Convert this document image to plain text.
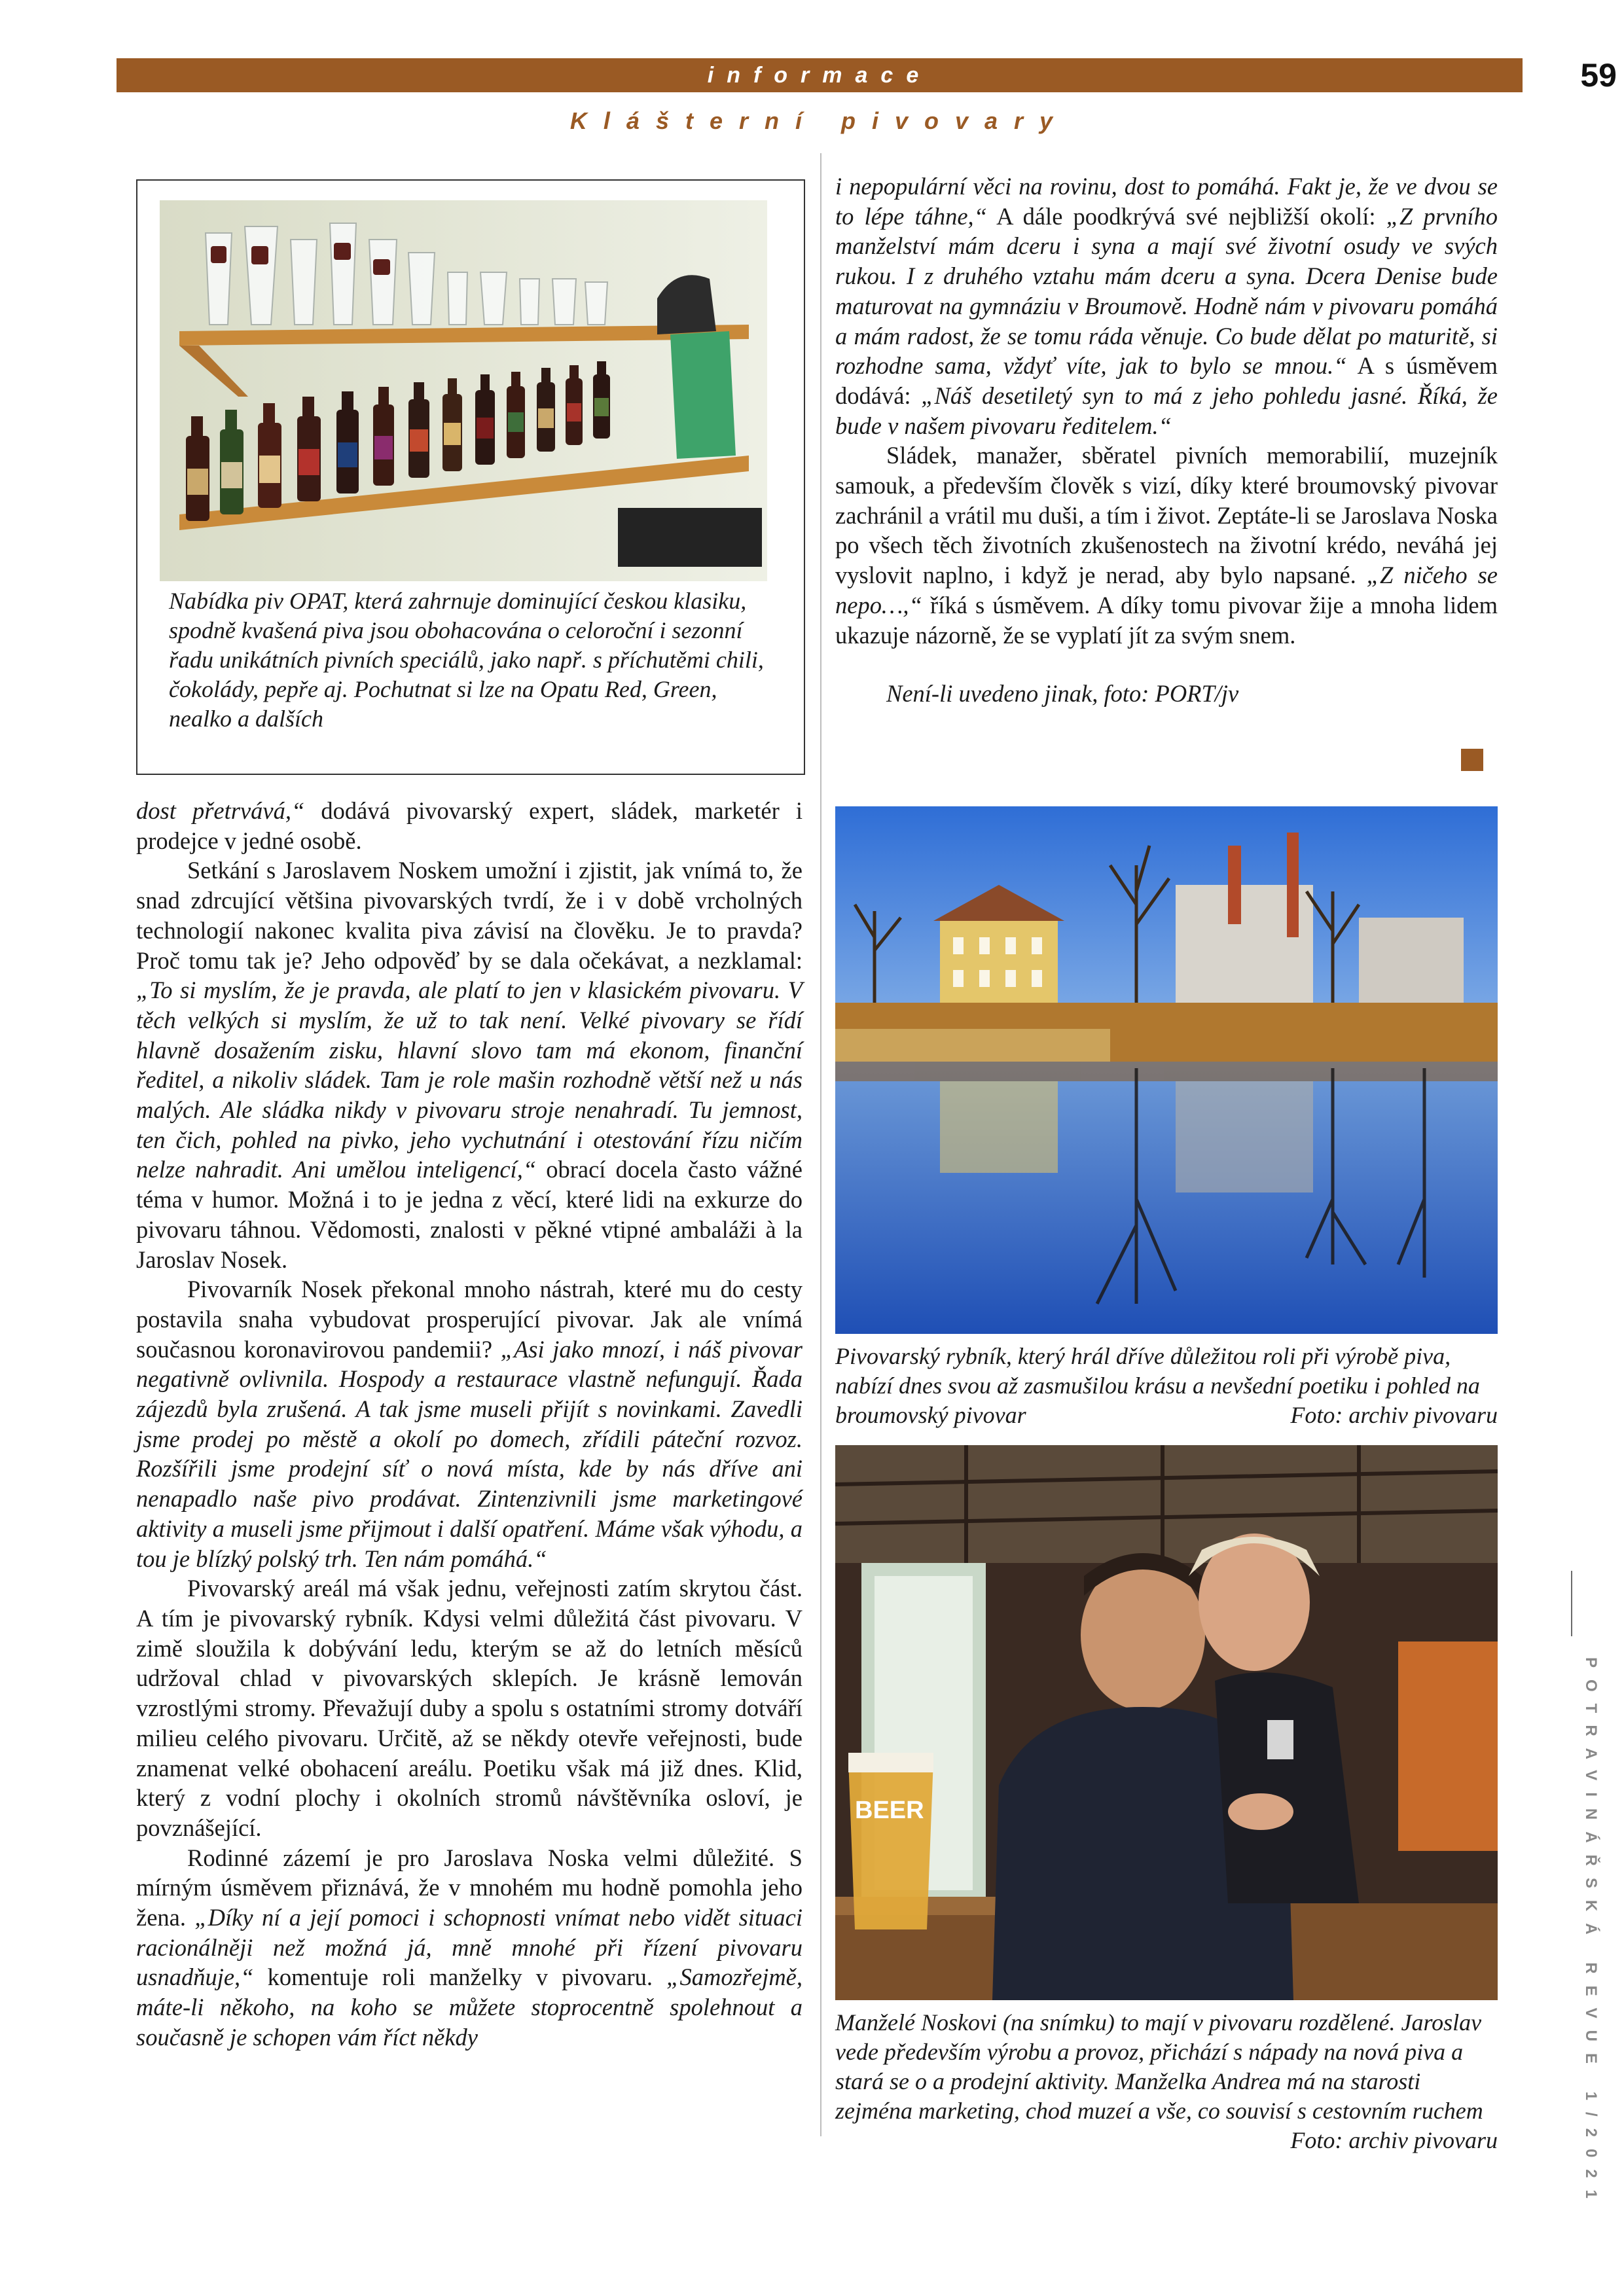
informace	59
Klášterní pivovary
Nabídka piv OPAT, která zahrnuje dominující českou klasiku, spodně kvašená piva jsou obohacována o celoroční i sezonní řadu unikátních pivních speciálů, jako např. s příchutěmi chili, čokolády, pepře aj. Pochutnat si lze na Opatu Red, Green, nealko a dalších

dost přetrvává,“ dodává pivovarský expert, sládek, marketér i prodejce v jedné osobě.

Setkání s Jaroslavem Noskem umožní i zjistit, jak vnímá to, že snad zdrcující většina pivovarských tvrdí, že i v době vrcholných technologií nakonec kvalita piva závisí na člověku. Je to pravda? Proč tomu tak je? Jeho odpověď by se dala očekávat, a nezklamal: „To si myslím, že je pravda, ale platí to jen v klasickém pivovaru. V těch velkých si myslím, že už to tak není. Velké pivovary se řídí hlavně dosažením zisku, hlavní slovo tam má ekonom, finanční ředitel, a nikoliv sládek. Tam je role mašin rozhodně větší než u nás malých. Ale sládka nikdy v pivovaru stroje nenahradí. Tu jemnost, ten čich, pohled na pivko, jeho vychutnání i otestování řízu ničím nelze nahradit. Ani umělou inteligencí,“ obrací docela často vážné téma v humor. Možná i to je jedna z věcí, které lidi na exkurze do pivovaru táhnou. Vědomosti, znalosti v pěkné vtipné ambaláži à la Jaroslav Nosek.

Pivovarník Nosek překonal mnoho nástrah, které mu do cesty postavila snaha vybudovat prosperující pivovar. Jak ale vnímá současnou koronavirovou pandemii? „Asi jako mnozí, i náš pivovar negativně ovlivnila. Hospody a restaurace vlastně nefungují. Řada zájezdů byla zrušená. A tak jsme museli přijít s novinkami. Zavedli jsme prodej po městě a okolí po domech, zřídili páteční rozvoz. Rozšířili jsme prodejní síť o nová místa, kde by nás dříve ani nenapadlo naše pivo prodávat. Zintenzivnili jsme marketingové aktivity a museli jsme přijmout i další opatření. Máme však výhodu, a tou je blízký polský trh. Ten nám pomáhá.“

Pivovarský areál má však jednu, veřejnosti zatím skrytou část. A tím je pivovarský rybník. Kdysi velmi důležitá část pivovaru. V zimě sloužila k dobývání ledu, kterým se až do letních měsíců udržoval chlad v pivovarských sklepích. Je krásně lemován vzrostlými stromy. Převažují duby a spolu s ostatními stromy dotváří milieu celého pivovaru. Určitě, až se někdy otevře veřejnosti, bude znamenat velké obohacení areálu. Poetiku však má již dnes. Klid, který z vodní plochy i okolních stromů návštěvníka osloví, je povznášející.

Rodinné zázemí je pro Jaroslava Noska velmi důležité. S mírným úsměvem přiznává, že v mnohém mu hodně pomohla jeho žena. „Díky ní a její pomoci i schopnosti vnímat nebo vidět situaci racionálněji než možná já, mně mnohé při řízení pivovaru usnadňuje,“ komentuje roli manželky v pivovaru. „Samozřejmě, máte-li někoho, na koho se můžete stoprocentně spolehnout a současně je schopen vám říct někdy

i nepopulární věci na rovinu, dost to pomáhá. Fakt je, že ve dvou se to lépe táhne,“ A dále poodkrývá své nejbližší okolí: „Z prvního manželství mám dceru i syna a mají své životní osudy ve svých rukou. I z druhého vztahu mám dceru a syna. Dcera Denise bude maturovat na gymnáziu v Broumově. Hodně nám v pivovaru pomáhá a mám radost, že se tomu ráda věnuje. Co bude dělat po maturitě, si rozhodne sama, vždyť víte, jak to bylo se mnou.“ A s úsměvem dodává: „Náš desetiletý syn to má z jeho pohledu jasné. Říká, že bude v našem pivovaru ředitelem.“

Sládek, manažer, sběratel pivních memorabilií, muzejník samouk, a především člověk s vizí, díky které broumovský pivovar zachránil a vrátil mu duši, a tím i život. Zeptáte-li se Jaroslava Noska po všech těch životních zkušenostech na životní krédo, neváhá jej vyslovit naplno, i když je nerad, aby bylo napsané. „Z ničeho se nepo…,“ říká s úsměvem. A díky tomu pivovar žije a mnoha lidem ukazuje názorně, že se vyplatí jít za svým snem.

Není-li uvedeno jinak, foto: PORT/jv

Pivovarský rybník, který hrál dříve důležitou roli při výrobě piva, nabízí dnes svou až zasmušilou krásu a nevšední poetiku i pohled na broumovský pivovar	Foto: archiv pivovaru
BEER
Manželé Noskovi (na snímku) to mají v pivovaru rozdělené. Jaroslav vede především výrobu a provoz, přichází s nápady na nová piva a stará se o a prodejní aktivity. Manželka Andrea má na starosti zejména marketing, chod muzeí a vše, co souvisí s cestovním ruchem
Foto: archiv pivovaru	POTRAVINÁŘSKÁ REVUE 1/2021
